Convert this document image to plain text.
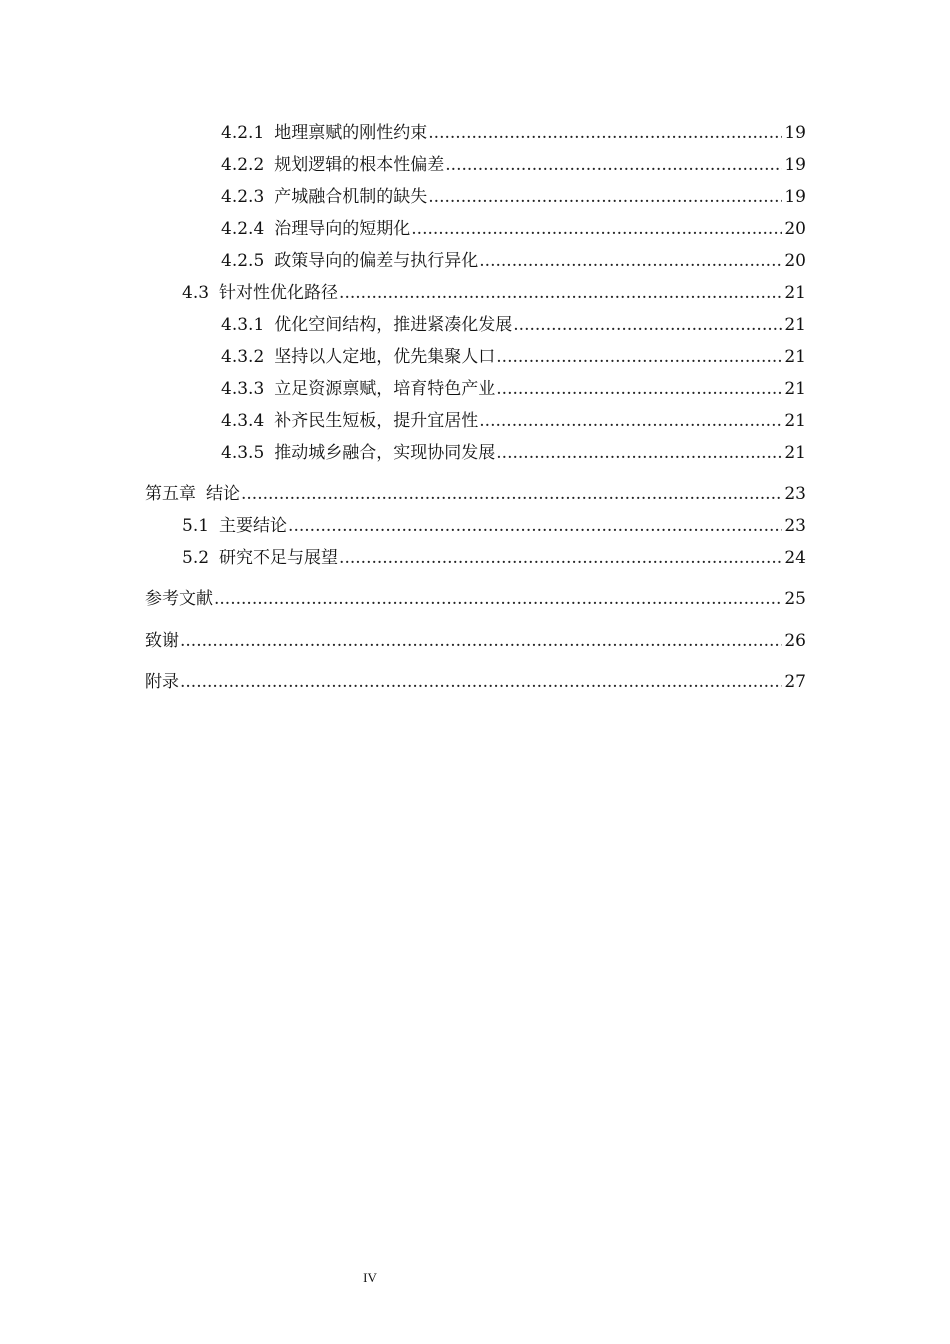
4.2.1 地理禀赋的刚性约束 .....	19
4.2.2 规划逻辑的根本性偏差 .....	19
4.2.3 产城融合机制的缺失 .....	19
4.2.4 治理导向的短期化 .....	20
4.2.5 政策导向的偏差与执行异化 .....	20
4.3 针对性优化路径 .....	21
4.3.1 优化空间结构，推进紧凑化发展 .....	21
4.3.2 坚持以人定地，优先集聚人口 .....	21
4.3.3 立足资源禀赋，培育特色产业 .....	21
4.3.4 补齐民生短板，提升宜居性 .....	21
4.3.5 推动城乡融合，实现协同发展 .....	21
第五章 结论 .....	23
5.1 主要结论 .....	23
5.2 研究不足与展望 .....	24
参考文献 .....	25
致谢 .....	26
附录 .....	27
IV
